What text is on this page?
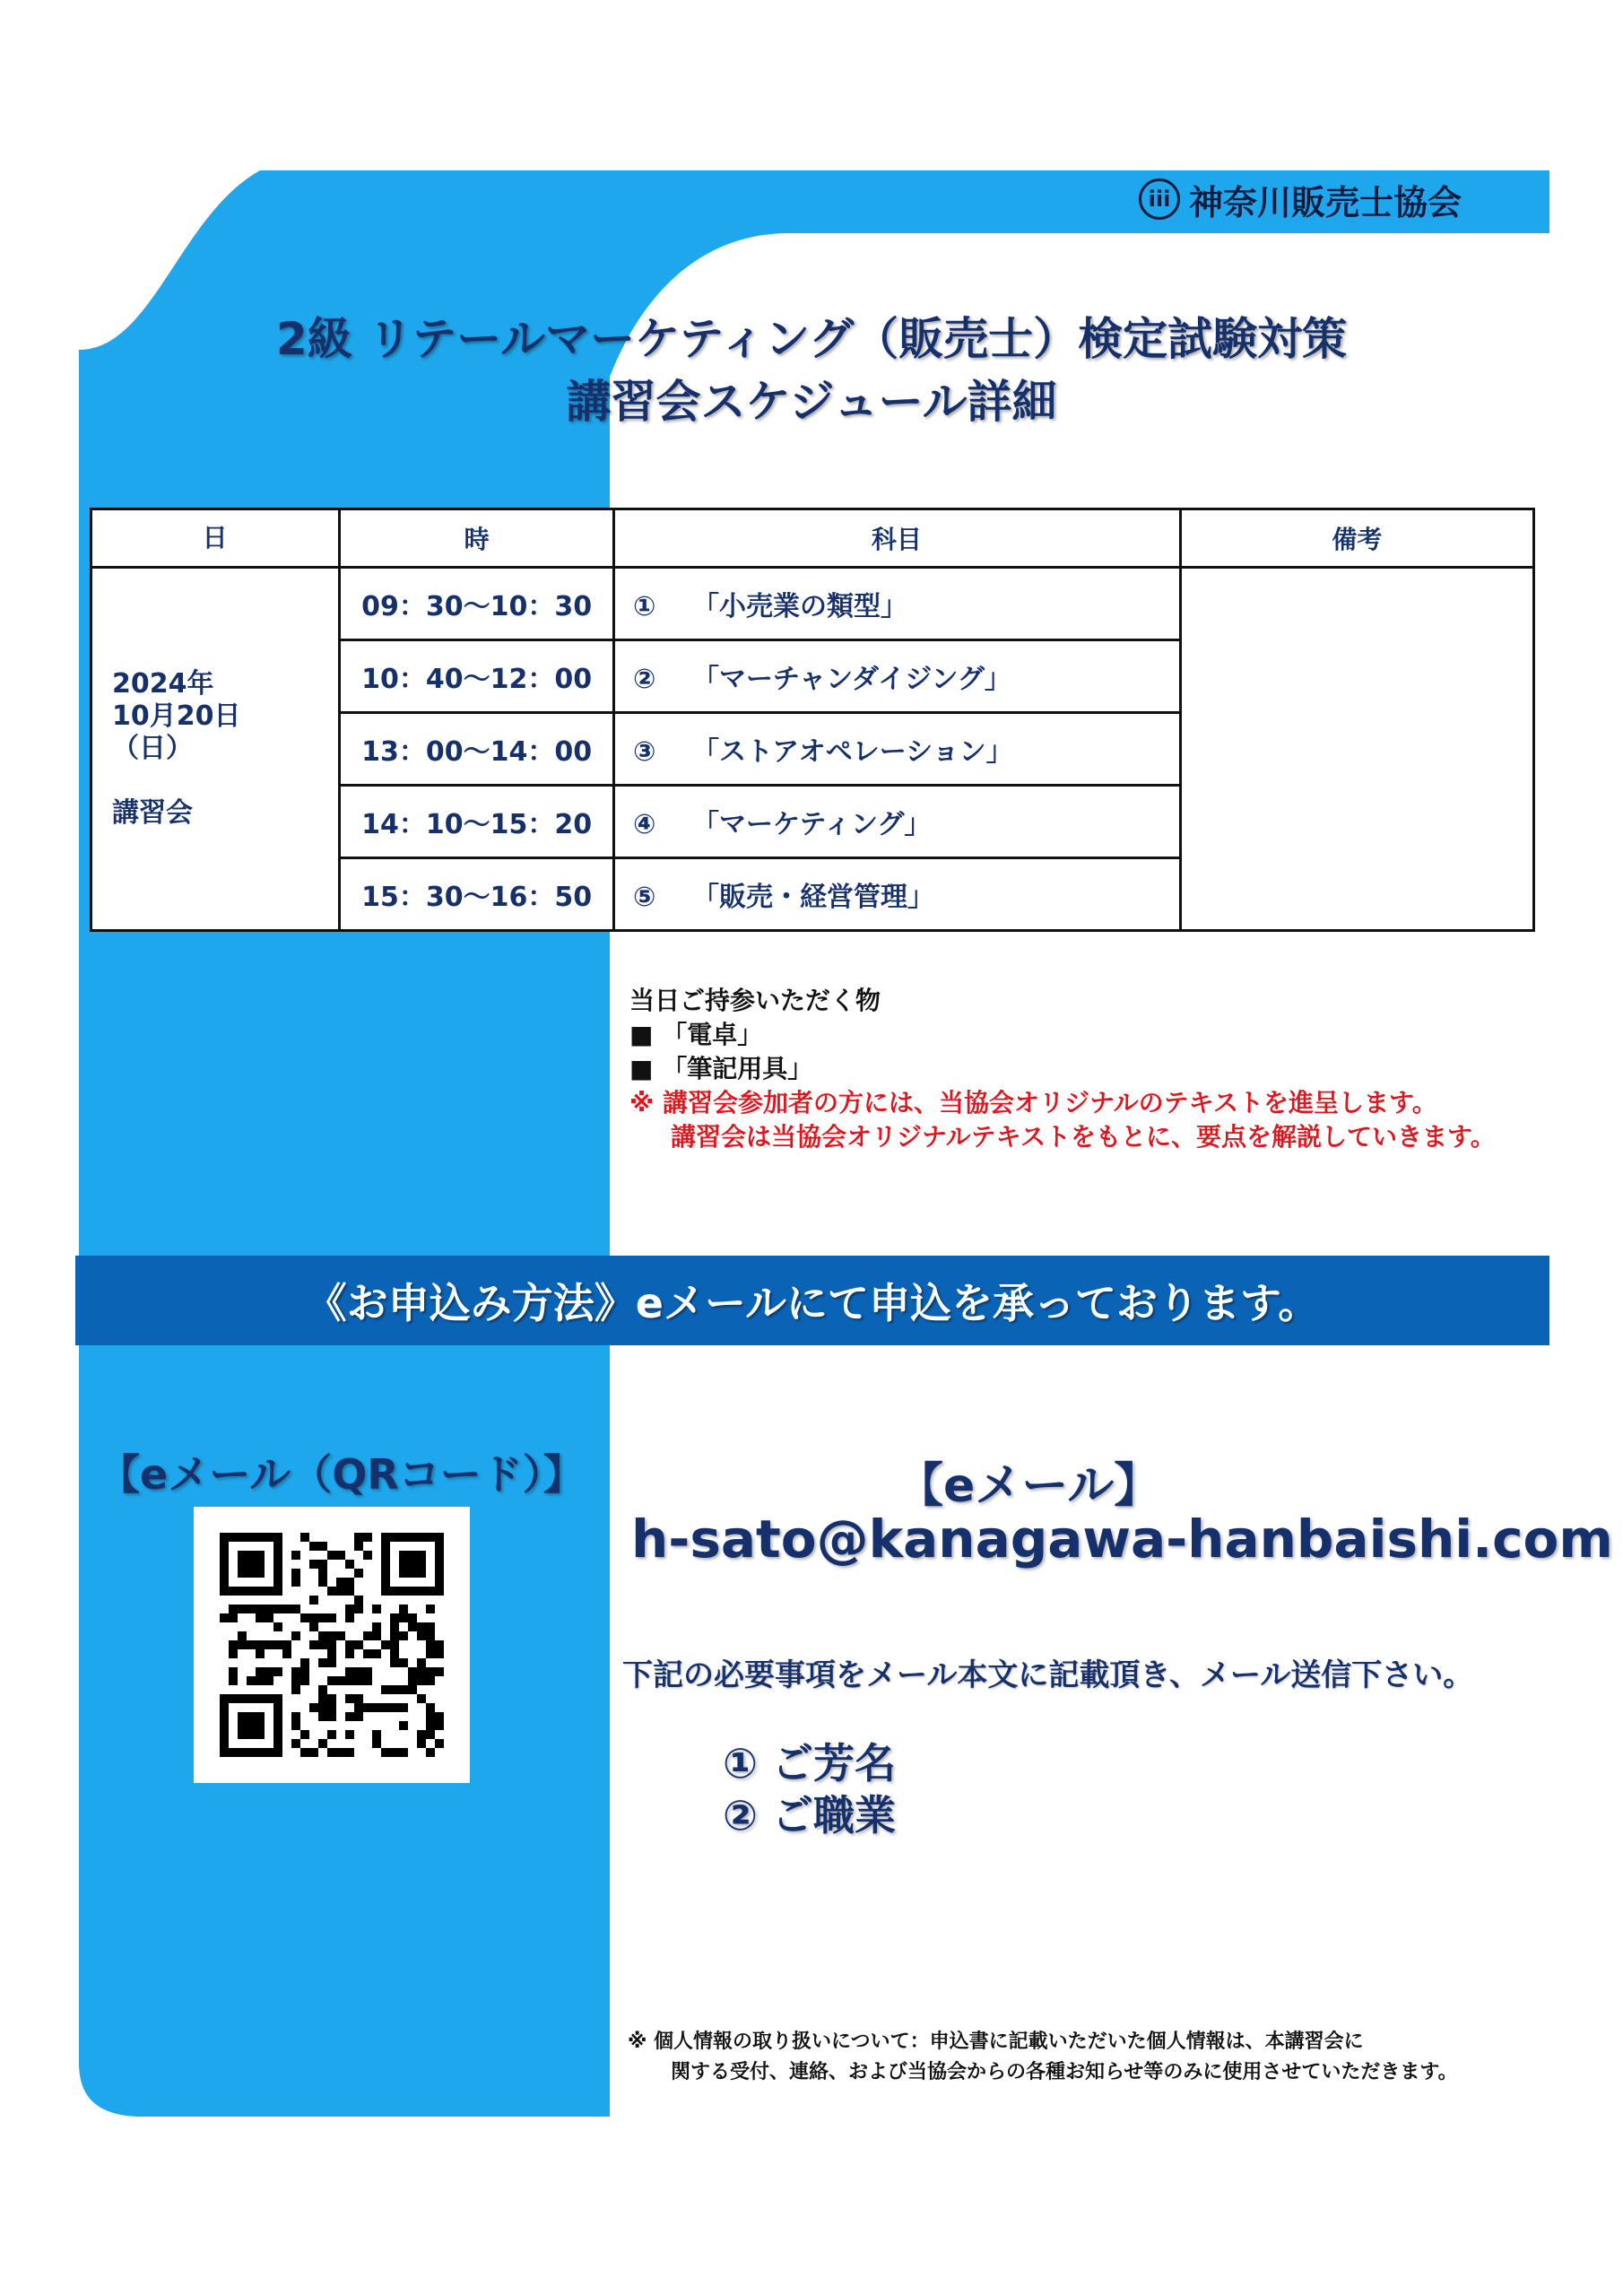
iii 神奈川販売士協会
2級 リテールマーケティング（販売士）検定試験対策
講習会スケジュール詳細
日	時	科目	備考

2024年
10月20日
（日）
講習会	09：30〜10：30	① 「小売業の類型」	
	10：40〜12：00	② 「マーチャンダイジング」	
	13：00〜14：00	③ 「ストアオペレーション」	
	14：10〜15：20	④ 「マーケティング」	
	15：30〜16：50	⑤ 「販売・経営管理」	
当日ご持参いただく物
■ 「電卓」
■ 「筆記用具」
※ 講習会参加者の方には、当協会オリジナルのテキストを進呈します。
講習会は当協会オリジナルテキストをもとに、要点を解説していきます。
《お申込み方法》eメールにて申込を承っております。
【eメール（QRコード）】	【eメール】
h-sato@kanagawa-hanbaishi.com
下記の必要事項をメール本文に記載頂き、メール送信下さい。
① ご芳名
② ご職業
※ 個人情報の取り扱いについて：申込書に記載いただいた個人情報は、本講習会に
関する受付、連絡、および当協会からの各種お知らせ等のみに使用させていただきます。
